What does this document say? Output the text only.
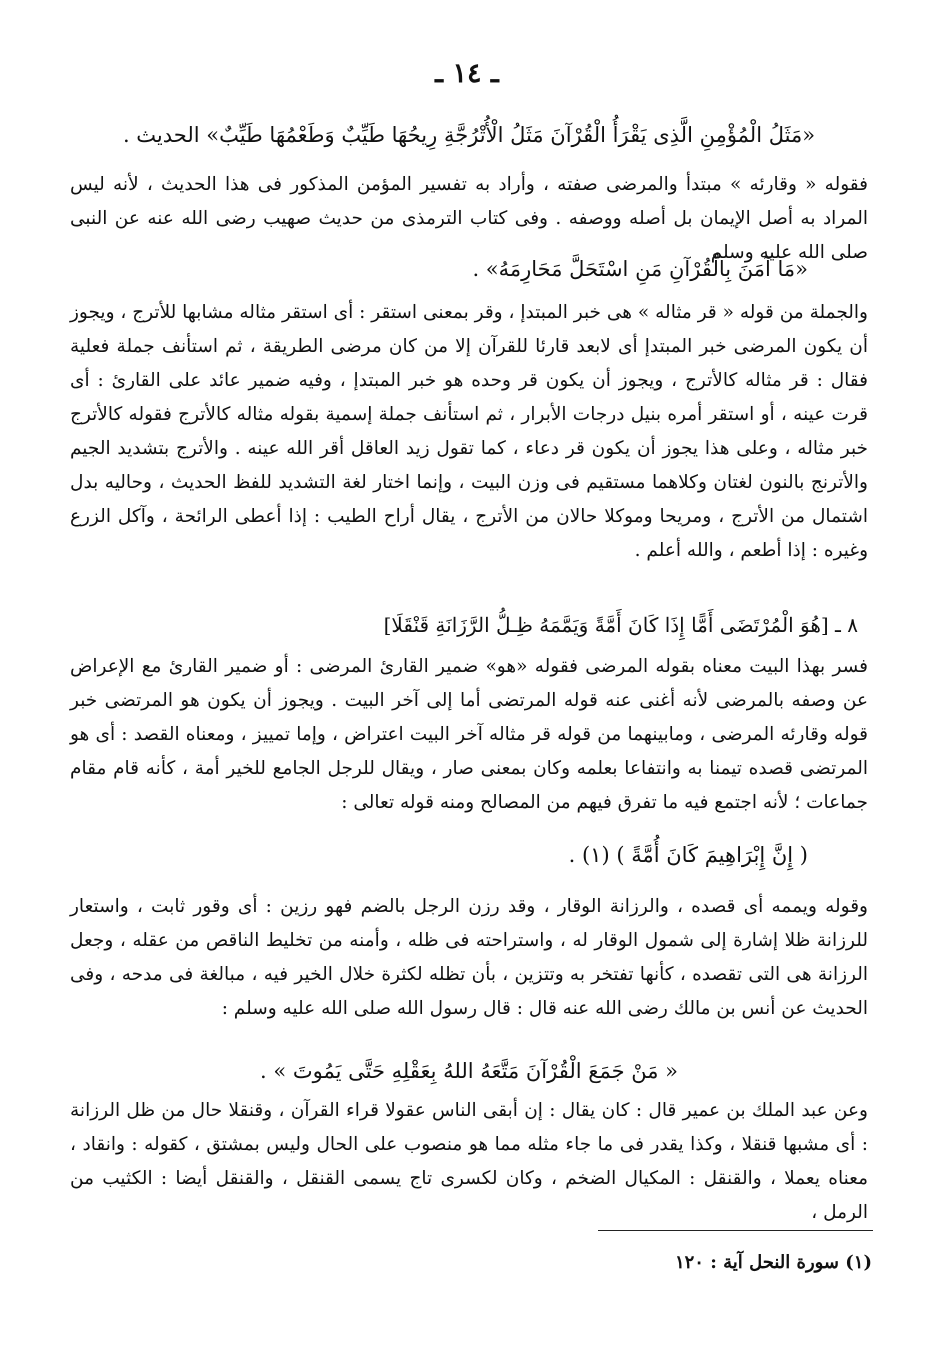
ـ ١٤ ـ
«مَثَلُ الْمُؤْمِنِ الَّذِى يَقْرَأُ الْقُرْآنَ مَثَلُ الْأُتْرُجَّةِ رِيحُهَا طَيِّبٌ وَطَعْمُهَا طَيِّبٌ» الحديث .

فقوله « وقارئه » مبتدأ والمرضى صفته ، وأراد به تفسير المؤمن المذكور فى هذا الحديث ، لأنه ليس المراد به أصل الإيمان بل أصله ووصفه . وفى كتاب الترمذى من حديث صهيب رضى الله عنه عن النبى صلى الله عليه وسلم

«مَا آمَنَ بِالْقُرْآنِ مَنِ اسْتَحَلَّ مَحَارِمَهُ» .

والجملة من قوله « قر مثاله » هى خبر المبتدإ ، وقر بمعنى استقر : أى استقر مثاله مشابها للأترج ، ويجوز أن يكون المرضى خبر المبتدإ أى لابعد قارئا للقرآن إلا من كان مرضى الطريقة ، ثم استأنف جملة فعلية فقال : قر مثاله كالأترج ، ويجوز أن يكون قر وحده هو خبر المبتدإ ، وفيه ضمير عائد على القارئ : أى قرت عينه ، أو استقر أمره بنيل درجات الأبرار ، ثم استأنف جملة إسمية بقوله مثاله كالأترج فقوله كالأترج خبر مثاله ، وعلى هذا يجوز أن يكون قر دعاء ، كما تقول زيد العاقل أقر الله عينه . والأترج بتشديد الجيم والأترنج بالنون لغتان وكلاهما مستقيم فى وزن البيت ، وإنما اختار لغة التشديد للفظ الحديث ، وحاليه بدل اشتمال من الأترج ، ومريحا وموكلا حالان من الأترج ، يقال أراح الطيب : إذا أعطى الرائحة ، وآكل الزرع وغيره : إذا أطعم ، والله أعلم .

٨ ـ [هُوَ الْمُرْتَضَى أَمًّا إِذَا كَانَ أَمَّةً وَيَمَّمَهُ ظِـلُّ الرَّزَانَةِ قَنْقَلَا]

فسر بهذا البيت معناه بقوله المرضى فقوله «هو» ضمير القارئ المرضى : أو ضمير القارئ مع الإعراض عن وصفه بالمرضى لأنه أغنى عنه قوله المرتضى أما إلى آخر البيت . ويجوز أن يكون هو المرتضى خبر قوله وقارئه المرضى ، ومابينهما من قوله قر مثاله آخر البيت اعتراض ، وإما تمييز ، ومعناه القصد : أى هو المرتضى قصده تيمنا به وانتفاعا بعلمه وكان بمعنى صار ، ويقال للرجل الجامع للخير أمة ، كأنه قام مقام جماعات ؛ لأنه اجتمع فيه ما تفرق فيهم من المصالح ومنه قوله تعالى :

( إِنَّ إِبْرَاهِيمَ كَانَ أُمَّةً ) (١) .

وقوله ويممه أى قصده ، والرزانة الوقار ، وقد رزن الرجل بالضم فهو رزين : أى وقور ثابت ، واستعار للرزانة ظلا إشارة إلى شمول الوقار له ، واستراحته فى ظله ، وأمنه من تخليط الناقص من عقله ، وجعل الرزانة هى التى تقصده ، كأنها تفتخر به وتتزين ، بأن تظله لكثرة خلال الخير فيه ، مبالغة فى مدحه ، وفى الحديث عن أنس بن مالك رضى الله عنه قال : قال رسول الله صلى الله عليه وسلم :

« مَنْ جَمَعَ الْقُرْآنَ مَتَّعَهُ اللهُ بِعَقْلِهِ حَتَّى يَمُوتَ » .

وعن عبد الملك بن عمير قال : كان يقال : إن أبقى الناس عقولا قراء القرآن ، وقنقلا حال من ظل الرزانة : أى مشبها قنقلا ، وكذا يقدر فى ما جاء مثله مما هو منصوب على الحال وليس بمشتق ، كقوله : وانقاد ، معناه يعملا ، والقنقل : المكيال الضخم ، وكان لكسرى تاج يسمى القنقل ، والقنقل أيضا : الكثيب من الرمل ،

(١) سورة النحل آية : ١٢٠
